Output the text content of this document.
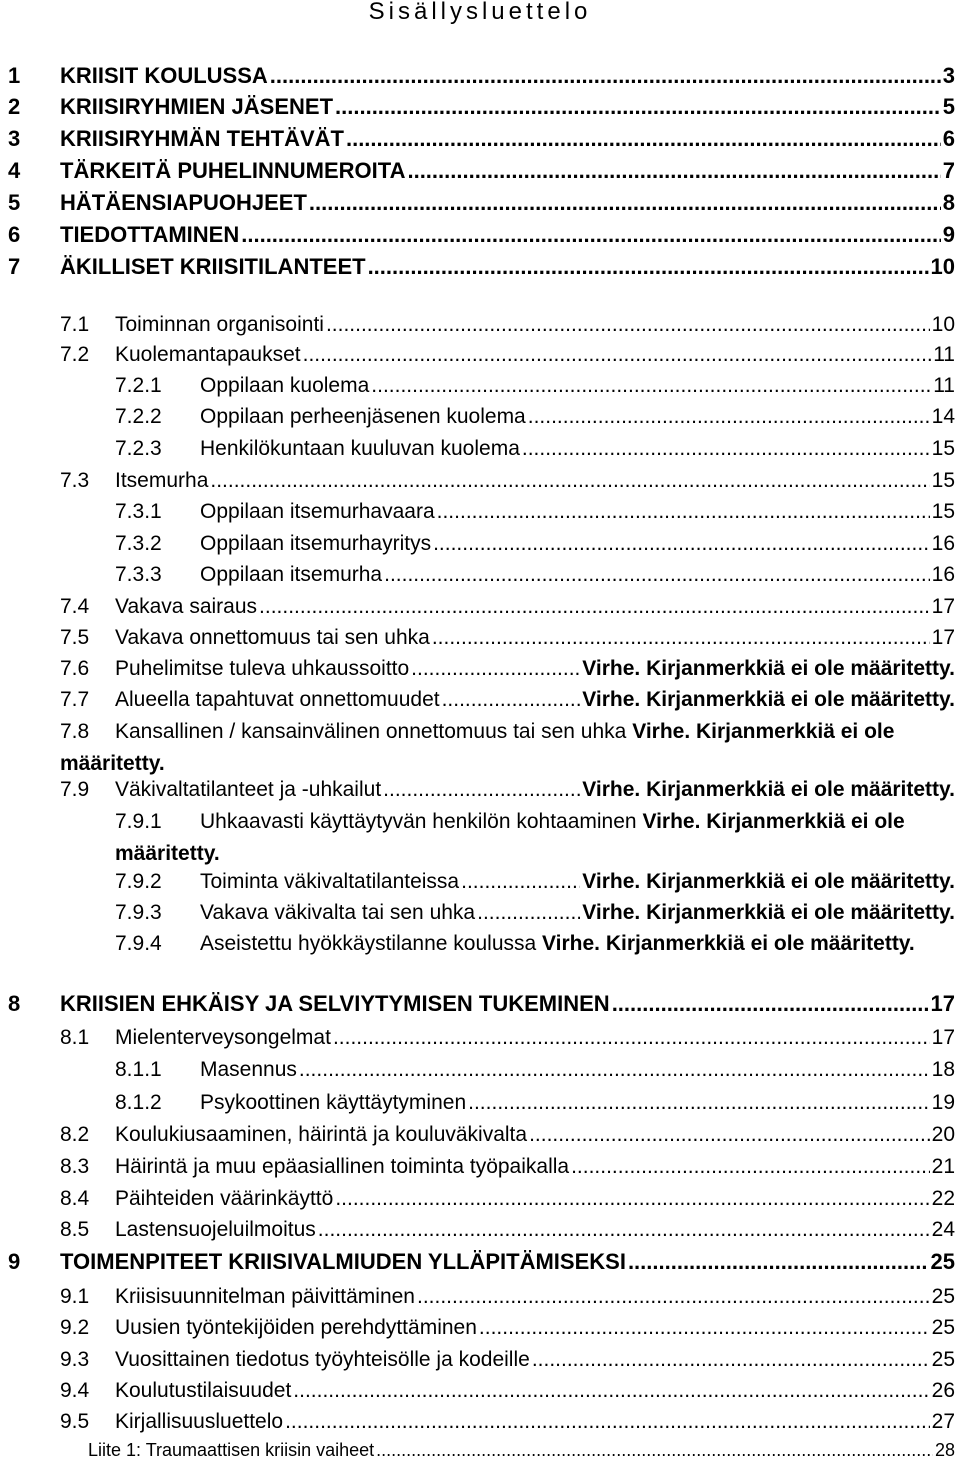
Sisällysluettelo
1 KRIISIT KOULUSSA .....	3
2 KRIISIRYHMIEN JÄSENET .....	5
3 KRIISIRYHMÄN TEHTÄVÄT .....	6
4 TÄRKEITÄ PUHELINNUMEROITA .....	7
5 HÄTÄENSIAPUOHJEET .....	8
6 TIEDOTTAMINEN .....	9
7 ÄKILLISET KRIISITILANTEET .....	10
7.1 Toiminnan organisointi .....	10
7.2 Kuolemantapaukset .....	11
7.2.1 Oppilaan kuolema .....	11
7.2.2 Oppilaan perheenjäsenen kuolema .....	14
7.2.3 Henkilökuntaan kuuluvan kuolema .....	15
7.3 Itsemurha .....	15
7.3.1 Oppilaan itsemurhavaara .....	15
7.3.2 Oppilaan itsemurhayritys .....	16
7.3.3 Oppilaan itsemurha .....	16
7.4 Vakava sairaus .....	17
7.5 Vakava onnettomuus tai sen uhka .....	17
7.6 Puhelimitse tuleva uhkaussoitto .....	Virhe. Kirjanmerkkiä ei ole määritetty.
7.7 Alueella tapahtuvat onnettomuudet .....	Virhe. Kirjanmerkkiä ei ole määritetty.
7.8	Kansallinen / kansainvälinen onnettomuus tai sen uhka Virhe. Kirjanmerkkiä ei ole määritetty.
7.9 Väkivaltatilanteet ja -uhkailut .....	Virhe. Kirjanmerkkiä ei ole määritetty.
7.9.1	Uhkaavasti käyttäytyvän henkilön kohtaaminen Virhe. Kirjanmerkkiä ei ole määritetty.
7.9.2 Toiminta väkivaltatilanteissa .....	Virhe. Kirjanmerkkiä ei ole määritetty.
7.9.3 Vakava väkivalta tai sen uhka .....	Virhe. Kirjanmerkkiä ei ole määritetty.
7.9.4	Aseistettu hyökkäystilanne koulussa Virhe. Kirjanmerkkiä ei ole määritetty.
8 KRIISIEN EHKÄISY JA SELVIYTYMISEN TUKEMINEN .....	17
8.1 Mielenterveysongelmat .....	17
8.1.1 Masennus .....	18
8.1.2 Psykoottinen käyttäytyminen .....	19
8.2 Koulukiusaaminen, häirintä ja kouluväkivalta .....	20
8.3 Häirintä ja muu epäasiallinen toiminta työpaikalla .....	21
8.4 Päihteiden väärinkäyttö .....	22
8.5 Lastensuojeluilmoitus .....	24
9 TOIMENPITEET KRIISIVALMIUDEN YLLÄPITÄMISEKSI .....	25
9.1 Kriisisuunnitelman päivittäminen .....	25
9.2 Uusien työntekijöiden perehdyttäminen .....	25
9.3 Vuosittainen tiedotus työyhteisölle ja kodeille .....	25
9.4 Koulutustilaisuudet .....	26
9.5 Kirjallisuusluettelo .....	27
Liite 1: Traumaattisen kriisin vaiheet .....	28
